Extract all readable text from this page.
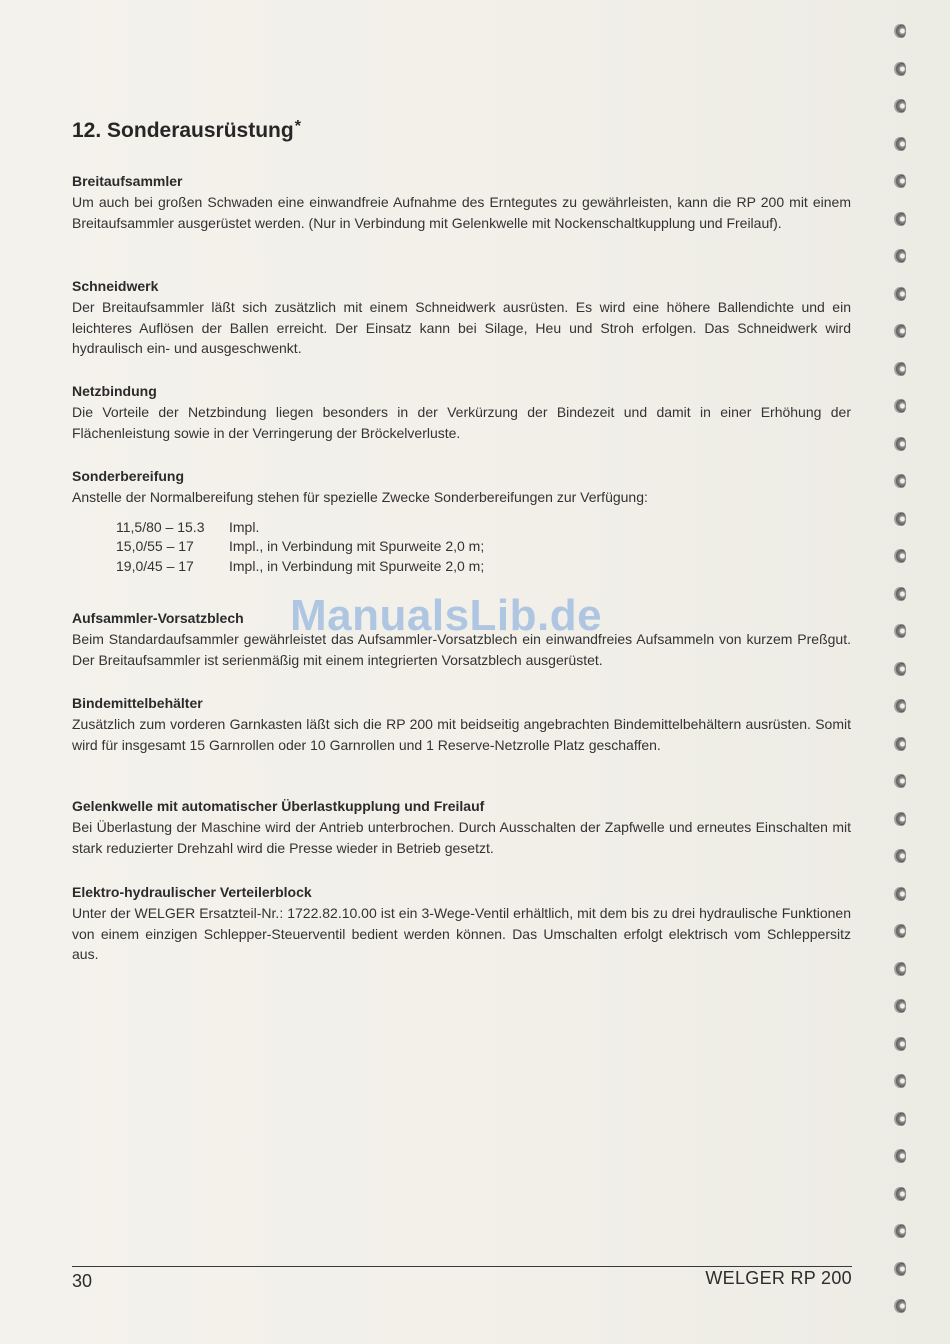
12. Sonderausrüstung*
Breitaufsammler

Um auch bei großen Schwaden eine einwandfreie Aufnahme des Erntegutes zu gewährleisten, kann die RP 200 mit einem Breitaufsammler ausgerüstet werden. (Nur in Verbindung mit Gelenkwelle mit Nockenschaltkupplung und Freilauf).

Schneidwerk

Der Breitaufsammler läßt sich zusätzlich mit einem Schneidwerk ausrüsten. Es wird eine höhere Ballendichte und ein leichteres Auflösen der Ballen erreicht. Der Einsatz kann bei Silage, Heu und Stroh erfolgen. Das Schneidwerk wird hydraulisch ein- und ausgeschwenkt.

Netzbindung

Die Vorteile der Netzbindung liegen besonders in der Verkürzung der Bindezeit und damit in einer Erhöhung der Flächenleistung sowie in der Verringerung der Bröckelverluste.

Sonderbereifung

Anstelle der Normalbereifung stehen für spezielle Zwecke Sonderbereifungen zur Verfügung:

11,5/80 – 15.3 Impl.
15,0/55 – 17	Impl., in Verbindung mit Spurweite 2,0 m;
19,0/45 – 17	Impl., in Verbindung mit Spurweite 2,0 m;
Aufsammler-Vorsatzblech

Beim Standardaufsammler gewährleistet das Aufsammler-Vorsatzblech ein einwandfreies Aufsammeln von kurzem Preßgut. Der Breitaufsammler ist serienmäßig mit einem integrierten Vorsatzblech ausgerüstet.

Bindemittelbehälter

Zusätzlich zum vorderen Garnkasten läßt sich die RP 200 mit beidseitig angebrachten Bindemittelbehältern ausrüsten. Somit wird für insgesamt 15 Garnrollen oder 10 Garnrollen und 1 Reserve-Netzrolle Platz geschaffen.

Gelenkwelle mit automatischer Überlastkupplung und Freilauf

Bei Überlastung der Maschine wird der Antrieb unterbrochen. Durch Ausschalten der Zapfwelle und erneutes Einschalten mit stark reduzierter Drehzahl wird die Presse wieder in Betrieb gesetzt.

Elektro-hydraulischer Verteilerblock

Unter der WELGER Ersatzteil-Nr.: 1722.82.10.00 ist ein 3-Wege-Ventil erhältlich, mit dem bis zu drei hydraulische Funktionen von einem einzigen Schlepper-Steuerventil bedient werden können. Das Umschalten erfolgt elektrisch vom Schleppersitz aus.

ManualsLib.de
30	WELGER RP 200
